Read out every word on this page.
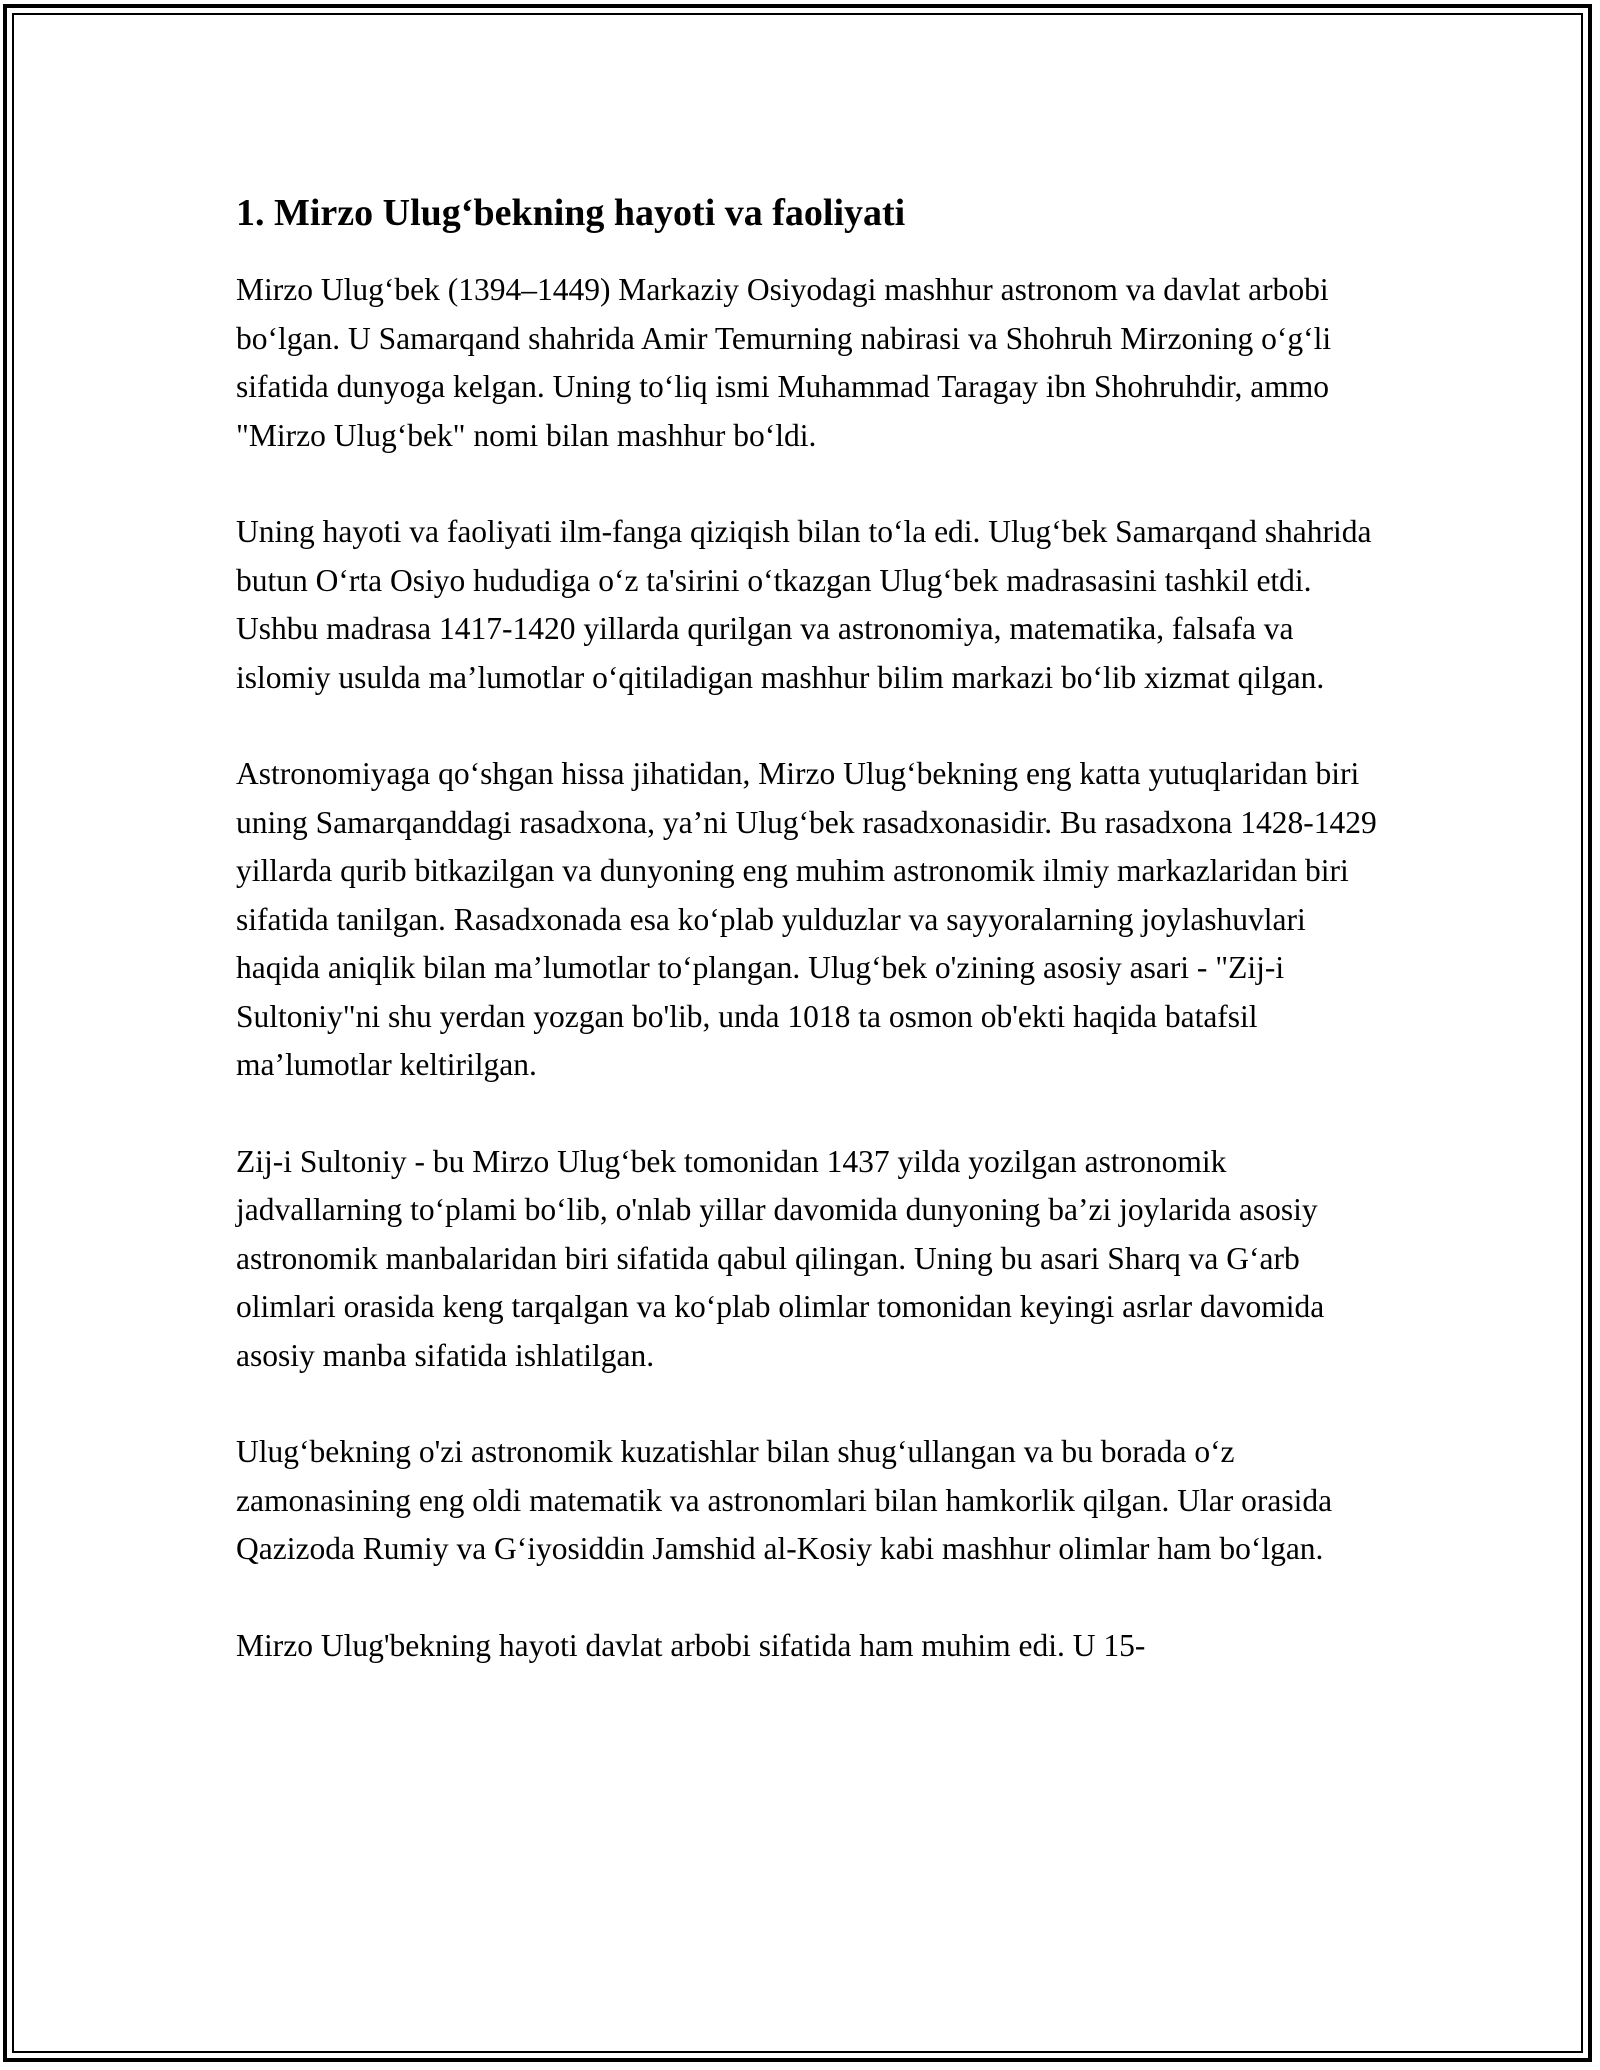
1. Mirzo Ulug‘bekning hayoti va faoliyati

Mirzo Ulug‘bek (1394–1449) Markaziy Osiyodagi mashhur astronom va davlat arbobi bo‘lgan. U Samarqand shahrida Amir Temurning nabirasi va Shohruh Mirzoning o‘g‘li sifatida dunyoga kelgan. Uning to‘liq ismi Muhammad Taragay ibn Shohruhdir, ammo "Mirzo Ulug‘bek" nomi bilan mashhur bo‘ldi.

Uning hayoti va faoliyati ilm-fanga qiziqish bilan to‘la edi. Ulug‘bek Samarqand shahrida butun O‘rta Osiyo hududiga o‘z ta'sirini o‘tkazgan Ulug‘bek madrasasini tashkil etdi. Ushbu madrasa 1417-1420 yillarda qurilgan va astronomiya, matematika, falsafa va islomiy usulda ma’lumotlar o‘qitiladigan mashhur bilim markazi bo‘lib xizmat qilgan.

Astronomiyaga qo‘shgan hissa jihatidan, Mirzo Ulug‘bekning eng katta yutuqlaridan biri uning Samarqanddagi rasadxona, ya’ni Ulug‘bek rasadxonasidir. Bu rasadxona 1428-1429 yillarda qurib bitkazilgan va dunyoning eng muhim astronomik ilmiy markazlaridan biri sifatida tanilgan. Rasadxonada esa ko‘plab yulduzlar va sayyoralarning joylashuvlari haqida aniqlik bilan ma’lumotlar to‘plangan. Ulug‘bek o'zining asosiy asari - "Zij-i Sultoniy"ni shu yerdan yozgan bo'lib, unda 1018 ta osmon ob'ekti haqida batafsil ma’lumotlar keltirilgan.

Zij-i Sultoniy - bu Mirzo Ulug‘bek tomonidan 1437 yilda yozilgan astronomik jadvallarning to‘plami bo‘lib, o'nlab yillar davomida dunyoning ba’zi joylarida asosiy astronomik manbalaridan biri sifatida qabul qilingan. Uning bu asari Sharq va G‘arb olimlari orasida keng tarqalgan va ko‘plab olimlar tomonidan keyingi asrlar davomida asosiy manba sifatida ishlatilgan.

Ulug‘bekning o'zi astronomik kuzatishlar bilan shug‘ullangan va bu borada o‘z zamonasining eng oldi matematik va astronomlari bilan hamkorlik qilgan. Ular orasida Qazizoda Rumiy va G‘iyosiddin Jamshid al-Kosiy kabi mashhur olimlar ham bo‘lgan.

Mirzo Ulug'bekning hayoti davlat arbobi sifatida ham muhim edi. U 15-
